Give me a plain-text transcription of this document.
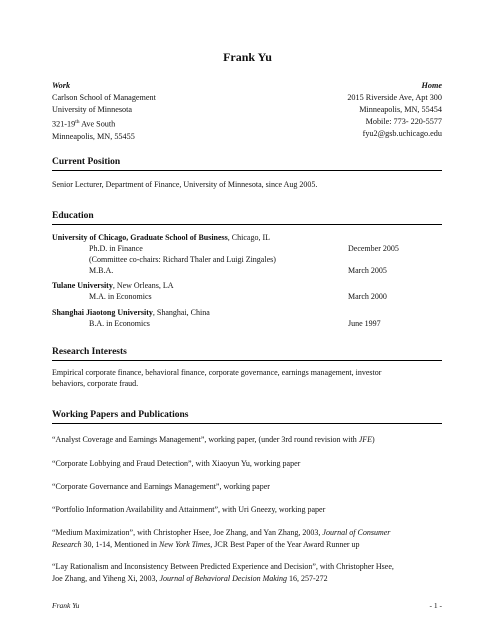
Frank Yu
Work
Carlson School of Management
University of Minnesota
321-19th Ave South
Minneapolis, MN, 55455
Home
2015 Riverside Ave, Apt 300
Minneapolis, MN, 55454
Mobile: 773- 220-5577
fyu2@gsb.uchicago.edu
Current Position
Senior Lecturer, Department of Finance, University of Minnesota, since Aug 2005.
Education
University of Chicago, Graduate School of Business, Chicago, IL
Ph.D. in Finance	December 2005
(Committee co-chairs: Richard Thaler and Luigi Zingales)
M.B.A.	March 2005
Tulane University, New Orleans, LA
M.A. in Economics	March 2000
Shanghai Jiaotong University, Shanghai, China
B.A. in Economics	June 1997
Research Interests
Empirical corporate finance, behavioral finance, corporate governance, earnings management, investor
behaviors, corporate fraud.
Working Papers and Publications
“Analyst Coverage and Earnings Management”, working paper, (under 3rd round revision with JFE)
“Corporate Lobbying and Fraud Detection”, with Xiaoyun Yu, working paper
“Corporate Governance and Earnings Management”, working paper
“Portfolio Information Availability and Attainment”, with Uri Gneezy, working paper
“Medium Maximization”, with Christopher Hsee, Joe Zhang, and Yan Zhang, 2003, Journal of Consumer
Research 30, 1-14, Mentioned in New York Times, JCR Best Paper of the Year Award Runner up
“Lay Rationalism and Inconsistency Between Predicted Experience and Decision”, with Christopher Hsee,
Joe Zhang, and Yiheng Xi, 2003, Journal of Behavioral Decision Making 16, 257-272
Frank Yu	- 1 -
